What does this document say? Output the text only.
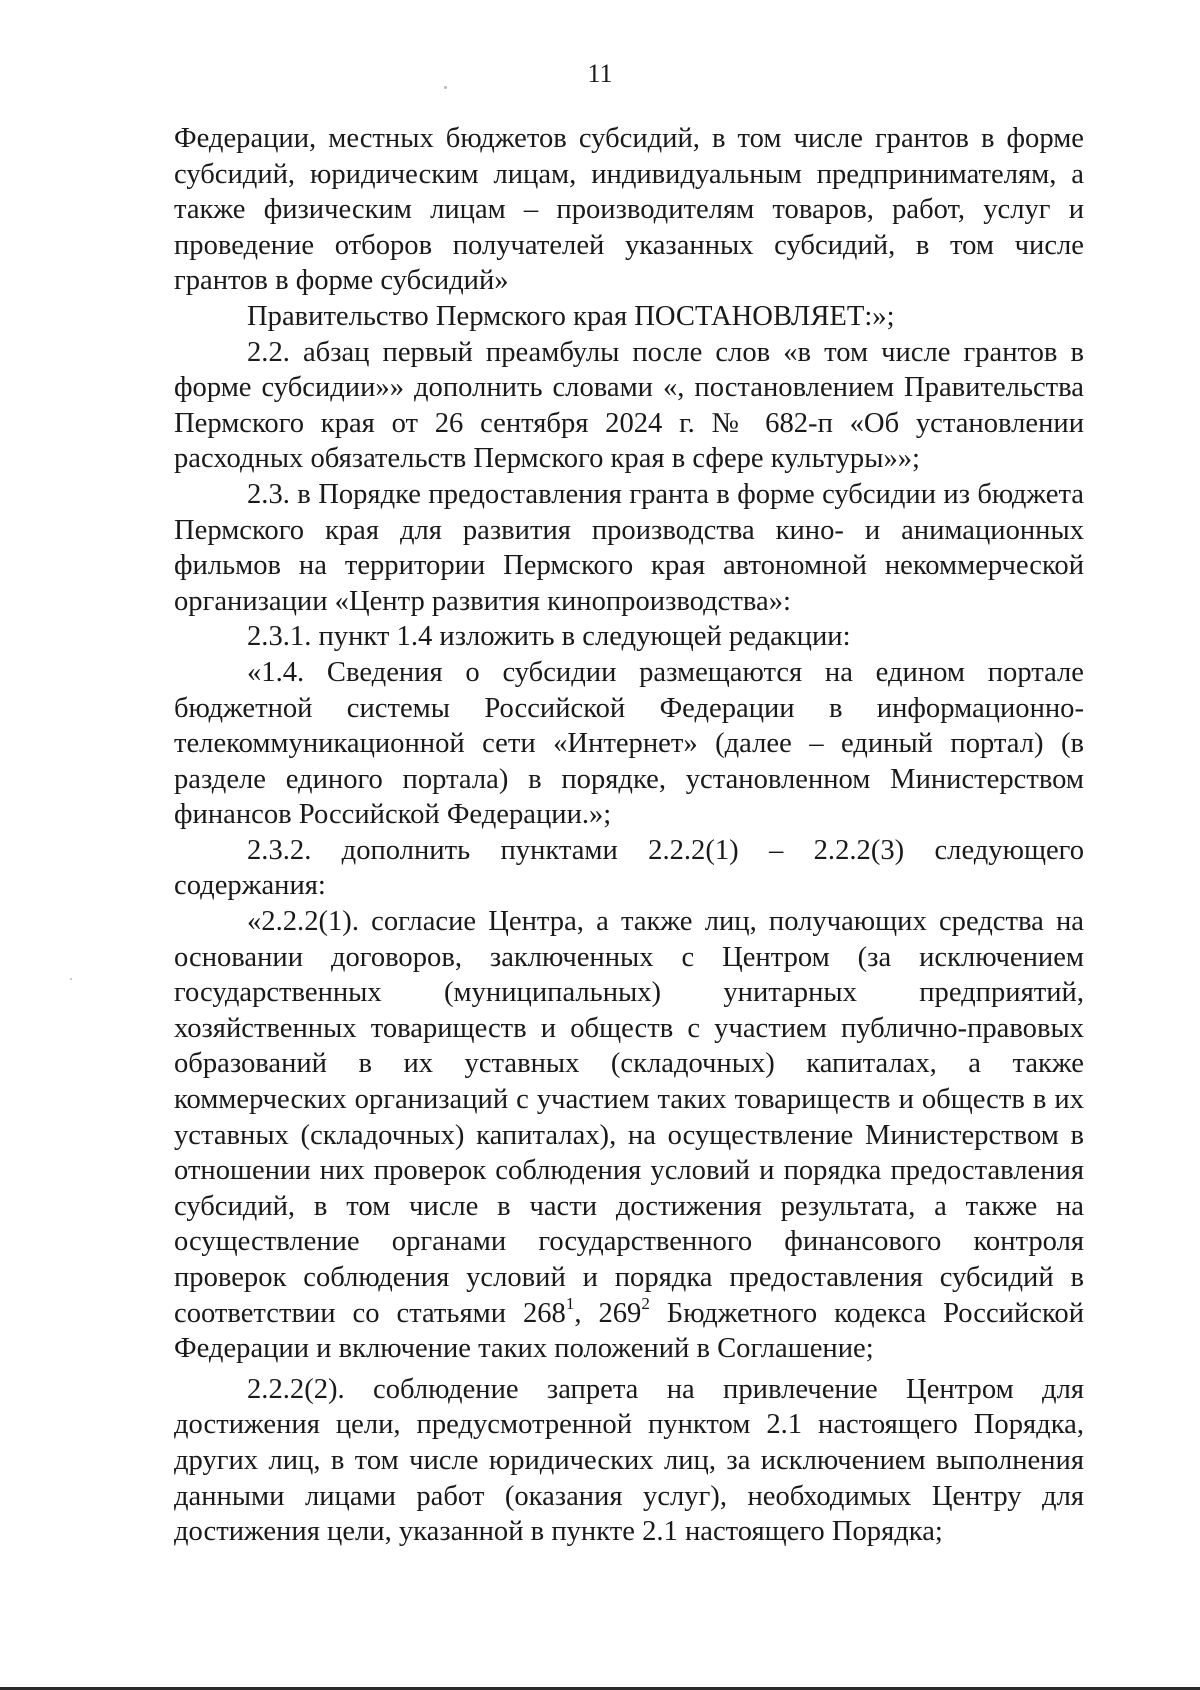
11

Федерации, местных бюджетов субсидий, в том числе грантов в форме субсидий, юридическим лицам, индивидуальным предпринимателям, а также физическим лицам – производителям товаров, работ, услуг и проведение отборов получателей указанных субсидий, в том числе грантов в форме субсидий»

Правительство Пермского края ПОСТАНОВЛЯЕТ:»;

2.2. абзац первый преамбулы после слов «в том числе грантов в форме субсидии»» дополнить словами «, постановлением Правительства Пермского края от 26 сентября 2024 г. № 682-п «Об установлении расходных обязательств Пермского края в сфере культуры»»;

2.3. в Порядке предоставления гранта в форме субсидии из бюджета Пермского края для развития производства кино- и анимационных фильмов на территории Пермского края автономной некоммерческой организации «Центр развития кинопроизводства»:

2.3.1. пункт 1.4 изложить в следующей редакции:

«1.4. Сведения о субсидии размещаются на едином портале бюджетной системы Российской Федерации в информационно-телекоммуникационной сети «Интернет» (далее – единый портал) (в разделе единого портала) в порядке, установленном Министерством финансов Российской Федерации.»;

2.3.2. дополнить пунктами 2.2.2(1) – 2.2.2(3) следующего содержания:

«2.2.2(1). согласие Центра, а также лиц, получающих средства на основании договоров, заключенных с Центром (за исключением государственных (муниципальных) унитарных предприятий, хозяйственных товариществ и обществ с участием публично-правовых образований в их уставных (складочных) капиталах, а также коммерческих организаций с участием таких товариществ и обществ в их уставных (складочных) капиталах), на осуществление Министерством в отношении них проверок соблюдения условий и порядка предоставления субсидий, в том числе в части достижения результата, а также на осуществление органами государственного финансового контроля проверок соблюдения условий и порядка предоставления субсидий в соответствии со статьями $268^1$, $269^2$ Бюджетного кодекса Российской Федерации и включение таких положений в Соглашение;

2.2.2(2). соблюдение запрета на привлечение Центром для достижения цели, предусмотренной пунктом 2.1 настоящего Порядка, других лиц, в том числе юридических лиц, за исключением выполнения данными лицами работ (оказания услуг), необходимых Центру для достижения цели, указанной в пункте 2.1 настоящего Порядка;
